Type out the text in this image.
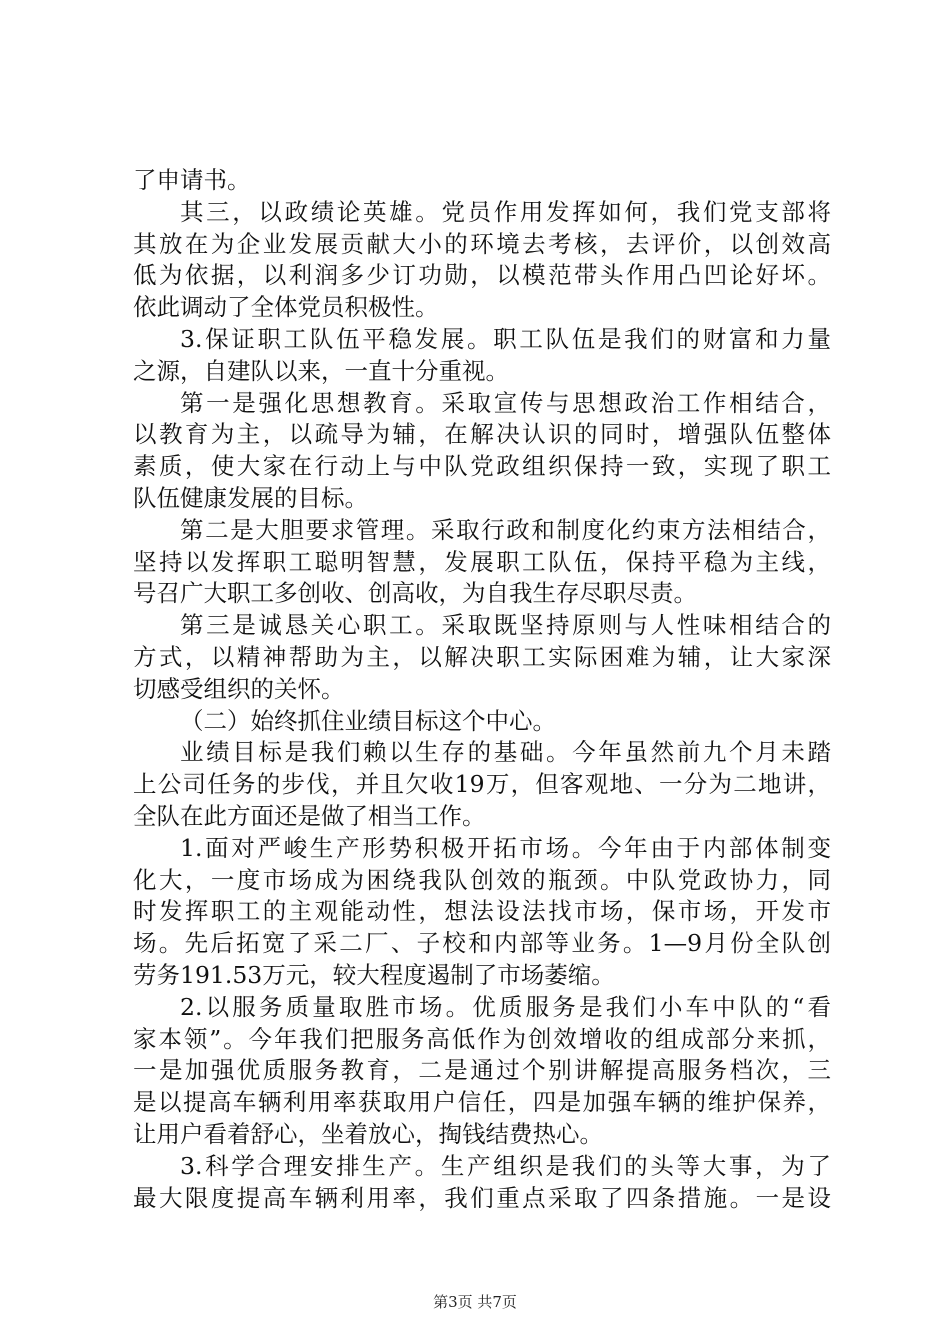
了申请书。
其三，以政绩论英雄。党员作用发挥如何，我们党支部将
其放在为企业发展贡献大小的环境去考核，去评价，以创效高
低为依据，以利润多少订功勋，以模范带头作用凸凹论好坏。
依此调动了全体党员积极性。
3.保证职工队伍平稳发展。职工队伍是我们的财富和力量
之源，自建队以来，一直十分重视。
第一是强化思想教育。采取宣传与思想政治工作相结合，
以教育为主，以疏导为辅，在解决认识的同时，增强队伍整体
素质，使大家在行动上与中队党政组织保持一致，实现了职工
队伍健康发展的目标。
第二是大胆要求管理。采取行政和制度化约束方法相结合，
坚持以发挥职工聪明智慧，发展职工队伍，保持平稳为主线，
号召广大职工多创收、创高收，为自我生存尽职尽责。
第三是诚恳关心职工。采取既坚持原则与人性味相结合的
方式，以精神帮助为主，以解决职工实际困难为辅，让大家深
切感受组织的关怀。
（二）始终抓住业绩目标这个中心。
业绩目标是我们赖以生存的基础。今年虽然前九个月未踏
上公司任务的步伐，并且欠收19万，但客观地、一分为二地讲，
全队在此方面还是做了相当工作。
1.面对严峻生产形势积极开拓市场。今年由于内部体制变
化大，一度市场成为困绕我队创效的瓶颈。中队党政协力，同
时发挥职工的主观能动性，想法设法找市场，保市场，开发市
场。先后拓宽了采二厂、子校和内部等业务。1—9月份全队创
劳务191.53万元，较大程度遏制了市场萎缩。
2.以服务质量取胜市场。优质服务是我们小车中队的“看
家本领”。今年我们把服务高低作为创效增收的组成部分来抓，
一是加强优质服务教育，二是通过个别讲解提高服务档次，三
是以提高车辆利用率获取用户信任，四是加强车辆的维护保养，
让用户看着舒心，坐着放心，掏钱结费热心。
3.科学合理安排生产。生产组织是我们的头等大事，为了
最大限度提高车辆利用率，我们重点采取了四条措施。一是设
第3页 共7页
